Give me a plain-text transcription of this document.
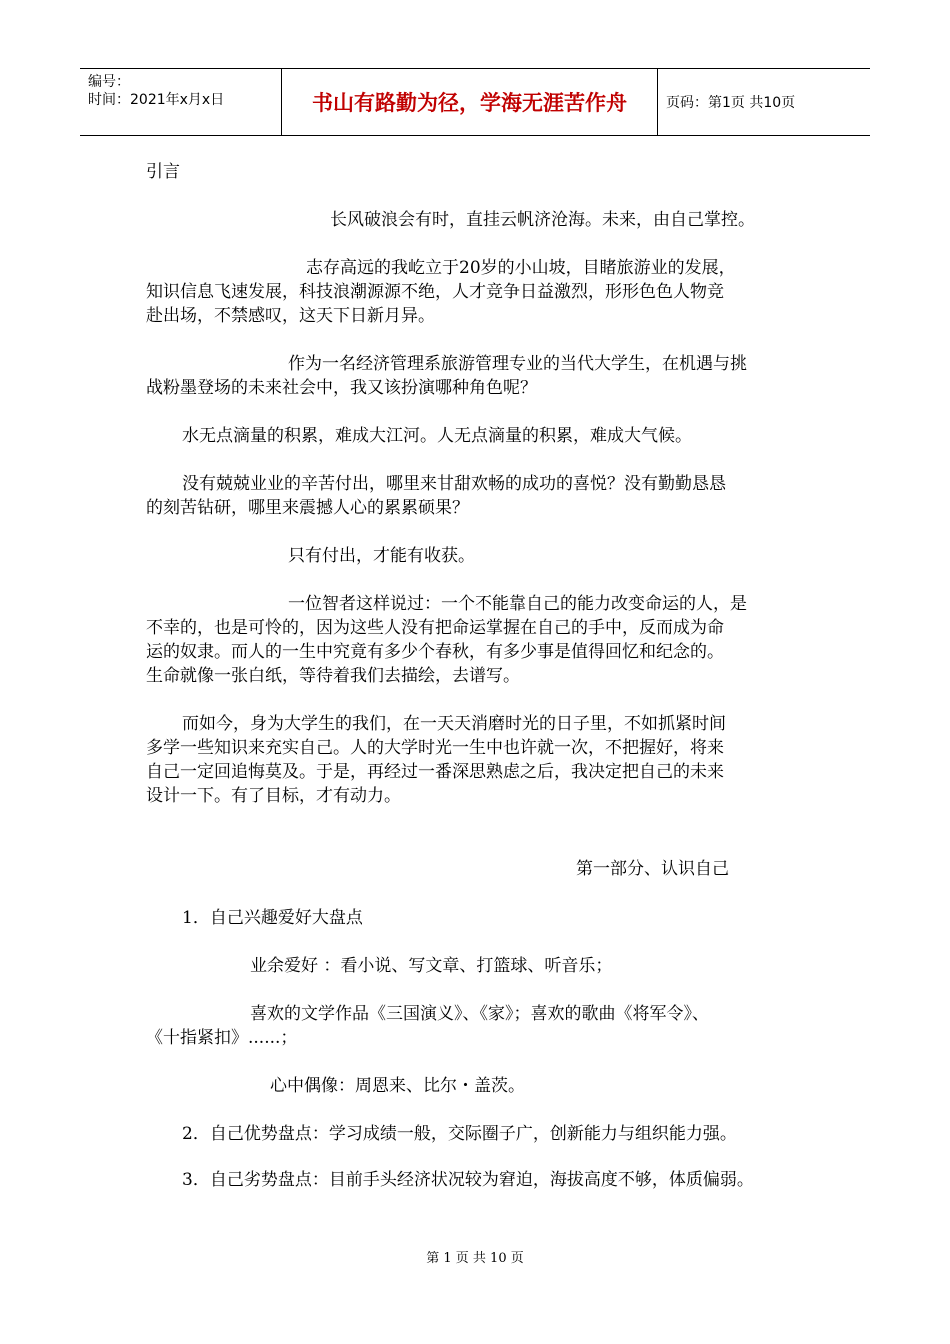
编号：
时间：2021年x月x日	书山有路勤为径，学海无涯苦作舟	页码：第1页 共10页
引言
长风破浪会有时，直挂云帆济沧海。未来，由自己掌控。
志存高远的我屹立于20岁的小山坡，目睹旅游业的发展，
知识信息飞速发展，科技浪潮源源不绝，人才竞争日益激烈，形形色色人物竞
赴出场，不禁感叹，这天下日新月异。
作为一名经济管理系旅游管理专业的当代大学生，在机遇与挑
战粉墨登场的未来社会中，我又该扮演哪种角色呢？
水无点滴量的积累，难成大江河。人无点滴量的积累，难成大气候。
没有兢兢业业的辛苦付出，哪里来甘甜欢畅的成功的喜悦？没有勤勤恳恳
的刻苦钻研，哪里来震撼人心的累累硕果？
只有付出，才能有收获。
一位智者这样说过：一个不能靠自己的能力改变命运的人，是
不幸的，也是可怜的，因为这些人没有把命运掌握在自己的手中，反而成为命
运的奴隶。而人的一生中究竟有多少个春秋，有多少事是值得回忆和纪念的。
生命就像一张白纸，等待着我们去描绘，去谱写。
而如今，身为大学生的我们，在一天天消磨时光的日子里，不如抓紧时间
多学一些知识来充实自己。人的大学时光一生中也许就一次，不把握好，将来
自己一定回追悔莫及。于是，再经过一番深思熟虑之后，我决定把自己的未来
设计一下。有了目标，才有动力。
第一部分、认识自己
1．自己兴趣爱好大盘点
业余爱好 ：看小说、写文章、打篮球、听音乐；
喜欢的文学作品《三国演义》、《家》；喜欢的歌曲《将军令》、
《十指紧扣》......；
心中偶像：周恩来、比尔・盖茨。
2．自己优势盘点：学习成绩一般，交际圈子广，创新能力与组织能力强。
3．自己劣势盘点：目前手头经济状况较为窘迫，海拔高度不够，体质偏弱。
第 1 页 共 10 页
